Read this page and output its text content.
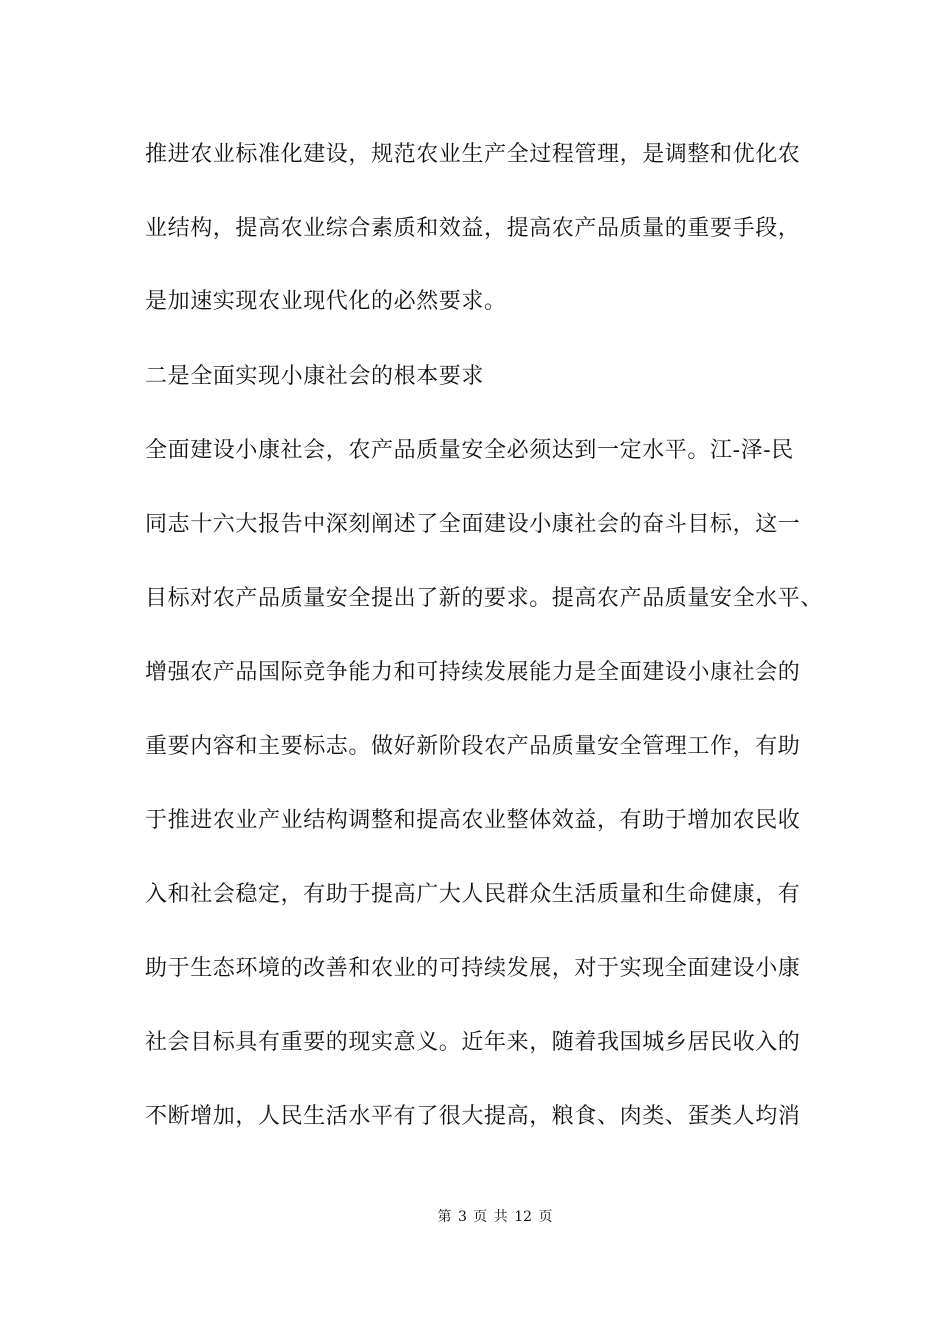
推进农业标准化建设，规范农业生产全过程管理，是调整和优化农
业结构，提高农业综合素质和效益，提高农产品质量的重要手段，
是加速实现农业现代化的必然要求。
二是全面实现小康社会的根本要求
全面建设小康社会，农产品质量安全必须达到一定水平。江-泽-民
同志十六大报告中深刻阐述了全面建设小康社会的奋斗目标，这一
目标对农产品质量安全提出了新的要求。提高农产品质量安全水平、
增强农产品国际竞争能力和可持续发展能力是全面建设小康社会的
重要内容和主要标志。做好新阶段农产品质量安全管理工作，有助
于推进农业产业结构调整和提高农业整体效益，有助于增加农民收
入和社会稳定，有助于提高广大人民群众生活质量和生命健康，有
助于生态环境的改善和农业的可持续发展，对于实现全面建设小康
社会目标具有重要的现实意义。近年来，随着我国城乡居民收入的
不断增加，人民生活水平有了很大提高，粮食、肉类、蛋类人均消
第 3 页 共 12 页
